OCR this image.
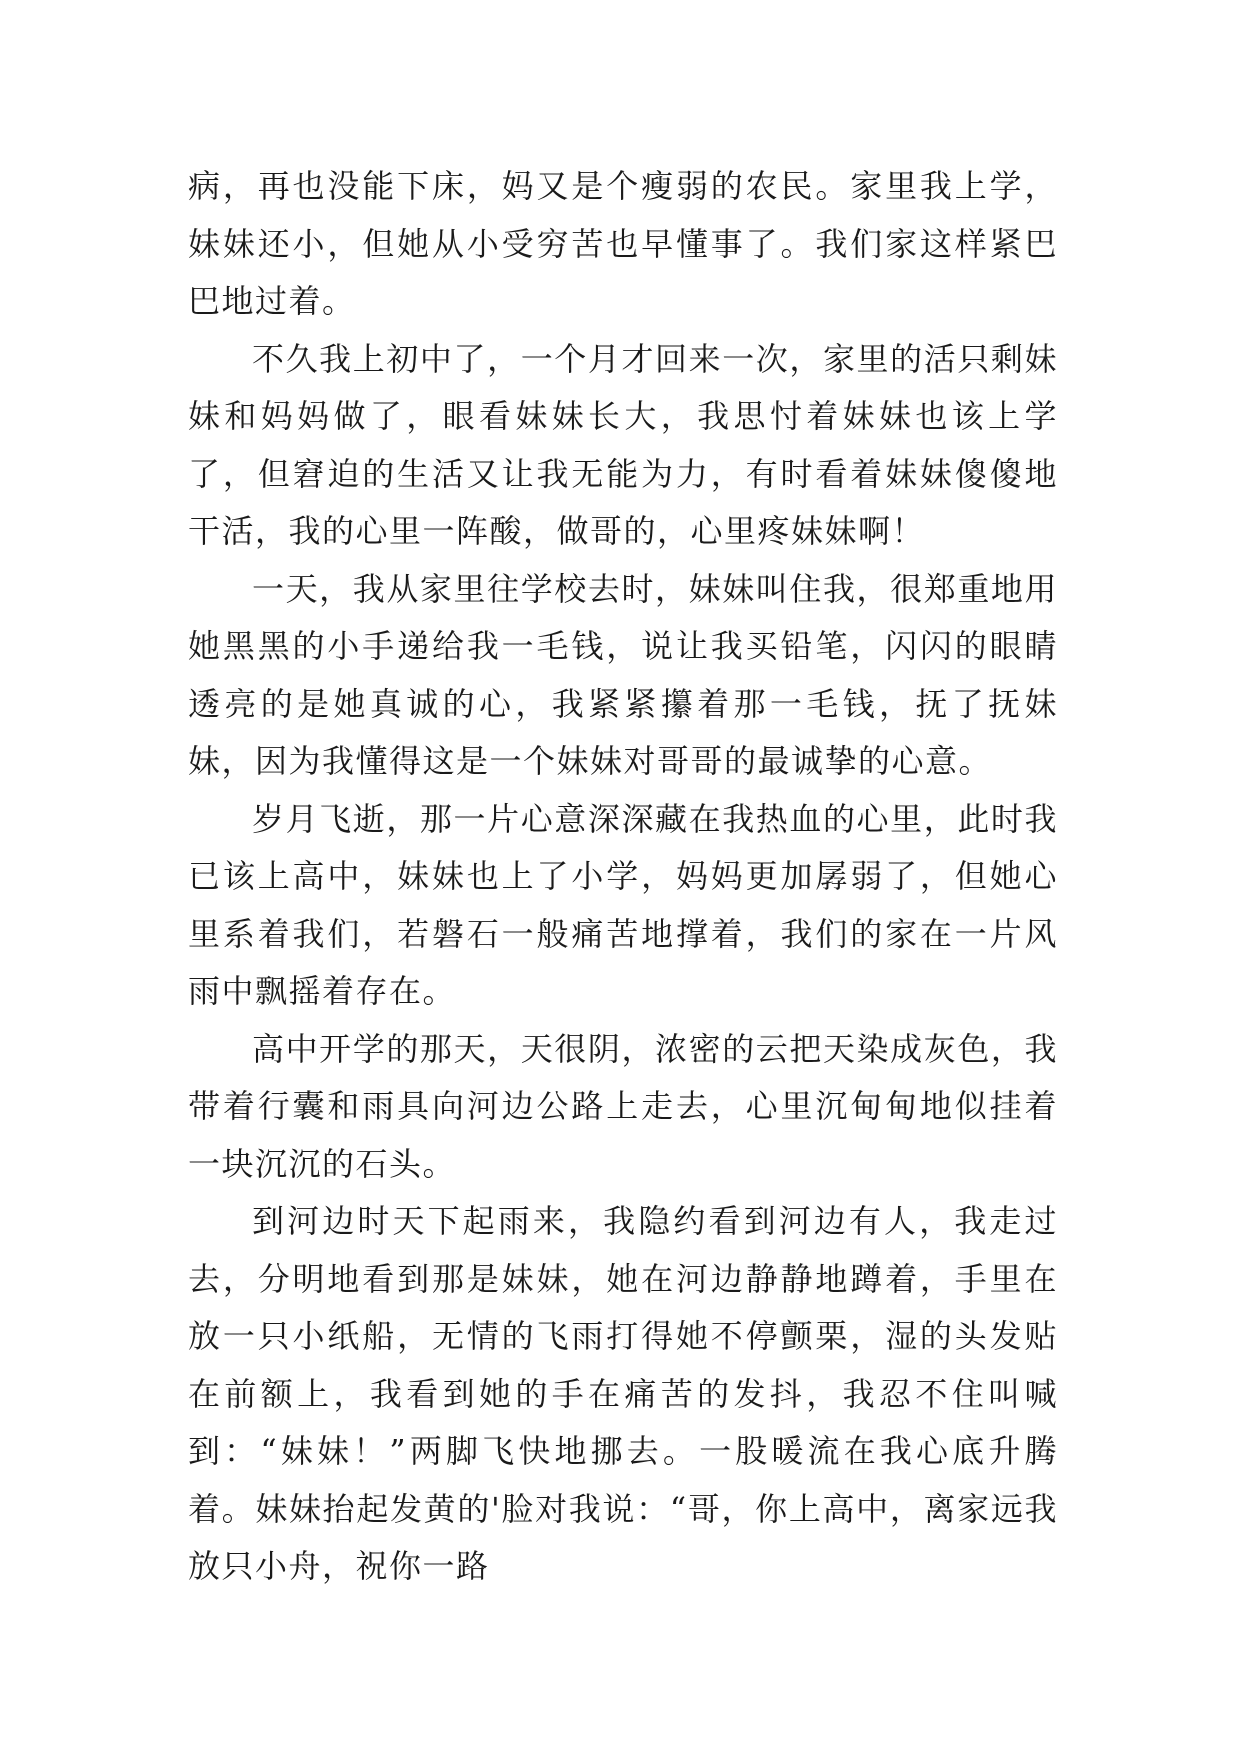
病，再也没能下床，妈又是个瘦弱的农民。家里我上学，妹妹还小，但她从小受穷苦也早懂事了。我们家这样紧巴巴地过着。

不久我上初中了，一个月才回来一次，家里的活只剩妹妹和妈妈做了，眼看妹妹长大，我思忖着妹妹也该上学了，但窘迫的生活又让我无能为力，有时看着妹妹傻傻地干活，我的心里一阵酸，做哥的，心里疼妹妹啊！

一天，我从家里往学校去时，妹妹叫住我，很郑重地用她黑黑的小手递给我一毛钱，说让我买铅笔，闪闪的眼睛透亮的是她真诚的心，我紧紧攥着那一毛钱，抚了抚妹妹，因为我懂得这是一个妹妹对哥哥的最诚挚的心意。

岁月飞逝，那一片心意深深藏在我热血的心里，此时我已该上高中，妹妹也上了小学，妈妈更加孱弱了，但她心里系着我们，若磐石一般痛苦地撑着，我们的家在一片风雨中飘摇着存在。

高中开学的那天，天很阴，浓密的云把天染成灰色，我带着行囊和雨具向河边公路上走去，心里沉甸甸地似挂着一块沉沉的石头。

到河边时天下起雨来，我隐约看到河边有人，我走过去，分明地看到那是妹妹，她在河边静静地蹲着，手里在放一只小纸船，无情的飞雨打得她不停颤栗，湿的头发贴在前额上，我看到她的手在痛苦的发抖，我忍不住叫喊到：“妹妹！”两脚飞快地挪去。一股暖流在我心底升腾着。妹妹抬起发黄的'脸对我说：“哥，你上高中，离家远我放只小舟，祝你一路
